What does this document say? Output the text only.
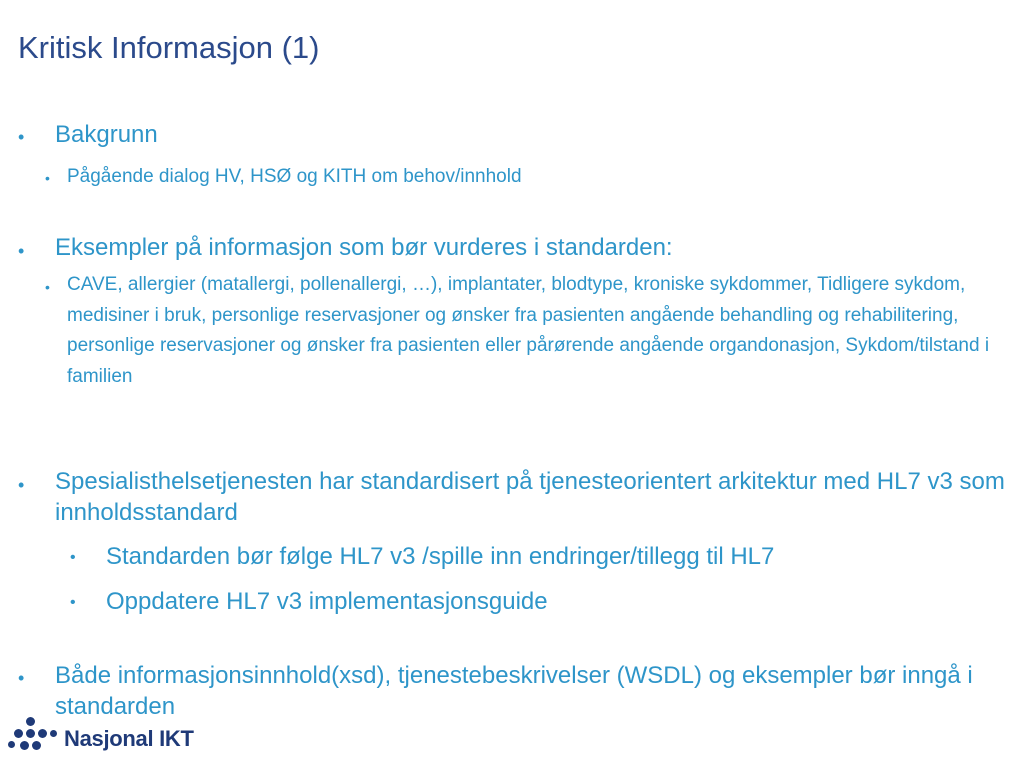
Kritisk Informasjon (1)
• Bakgrunn
• Pågående dialog HV, HSØ og KITH om behov/innhold
• Eksempler på informasjon som bør vurderes i standarden:
• CAVE, allergier (matallergi, pollenallergi, …), implantater, blodtype, kroniske sykdommer, Tidligere sykdom, medisiner i bruk, personlige reservasjoner og ønsker fra pasienten angående behandling og rehabilitering, personlige reservasjoner og ønsker fra pasienten eller pårørende angående organdonasjon, Sykdom/tilstand i familien
• Spesialisthelsetjenesten har standardisert på tjenesteorientert arkitektur med HL7 v3 som innholdsstandard
• Standarden bør følge HL7 v3 /spille inn endringer/tillegg til HL7
• Oppdatere HL7 v3 implementasjonsguide
• Både informasjonsinnhold(xsd), tjenestebeskrivelser (WSDL) og eksempler bør inngå i standarden
Nasjonal IKT
